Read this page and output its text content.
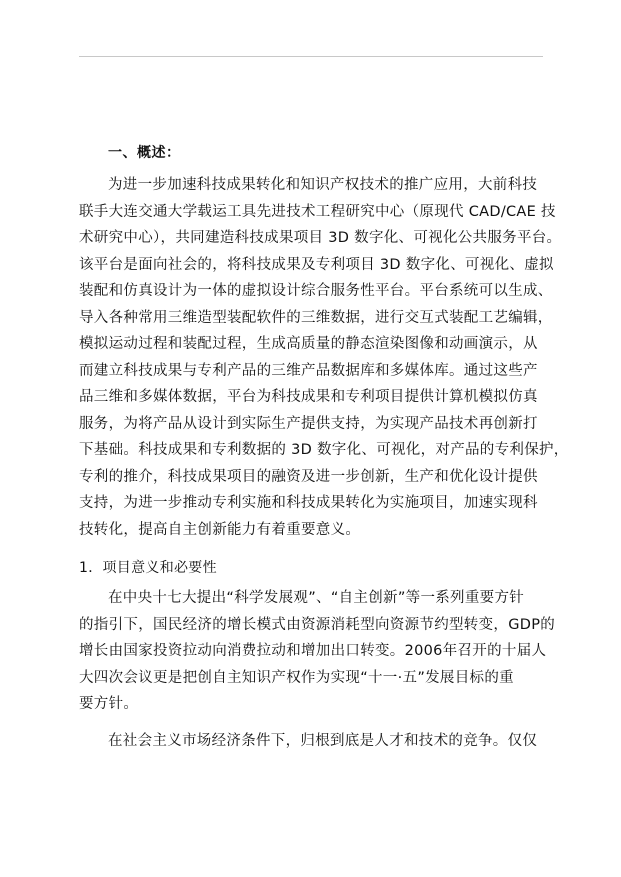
一、概述：

为进一步加速科技成果转化和知识产权技术的推广应用，大前科技
联手大连交通大学载运工具先进技术工程研究中心（原现代 CAD/CAE 技
术研究中心），共同建造科技成果项目 3D 数字化、可视化公共服务平台。
该平台是面向社会的，将科技成果及专利项目 3D 数字化、可视化、虚拟
装配和仿真设计为一体的虚拟设计综合服务性平台。平台系统可以生成、
导入各种常用三维造型装配软件的三维数据，进行交互式装配工艺编辑，
模拟运动过程和装配过程，生成高质量的静态渲染图像和动画演示，从
而建立科技成果与专利产品的三维产品数据库和多媒体库。通过这些产
品三维和多媒体数据，平台为科技成果和专利项目提供计算机模拟仿真
服务，为将产品从设计到实际生产提供支持，为实现产品技术再创新打
下基础。科技成果和专利数据的 3D 数字化、可视化，对产品的专利保护，
专利的推介，科技成果项目的融资及进一步创新，生产和优化设计提供
支持，为进一步推动专利实施和科技成果转化为实施项目，加速实现科
技转化，提高自主创新能力有着重要意义。

1．项目意义和必要性

在中央十七大提出“科学发展观”、“自主创新”等一系列重要方针
的指引下，国民经济的增长模式由资源消耗型向资源节约型转变，GDP的
增长由国家投资拉动向消费拉动和增加出口转变。2006年召开的十届人
大四次会议更是把创自主知识产权作为实现“十一·五”发展目标的重
要方针。

在社会主义市场经济条件下，归根到底是人才和技术的竞争。仅仅
